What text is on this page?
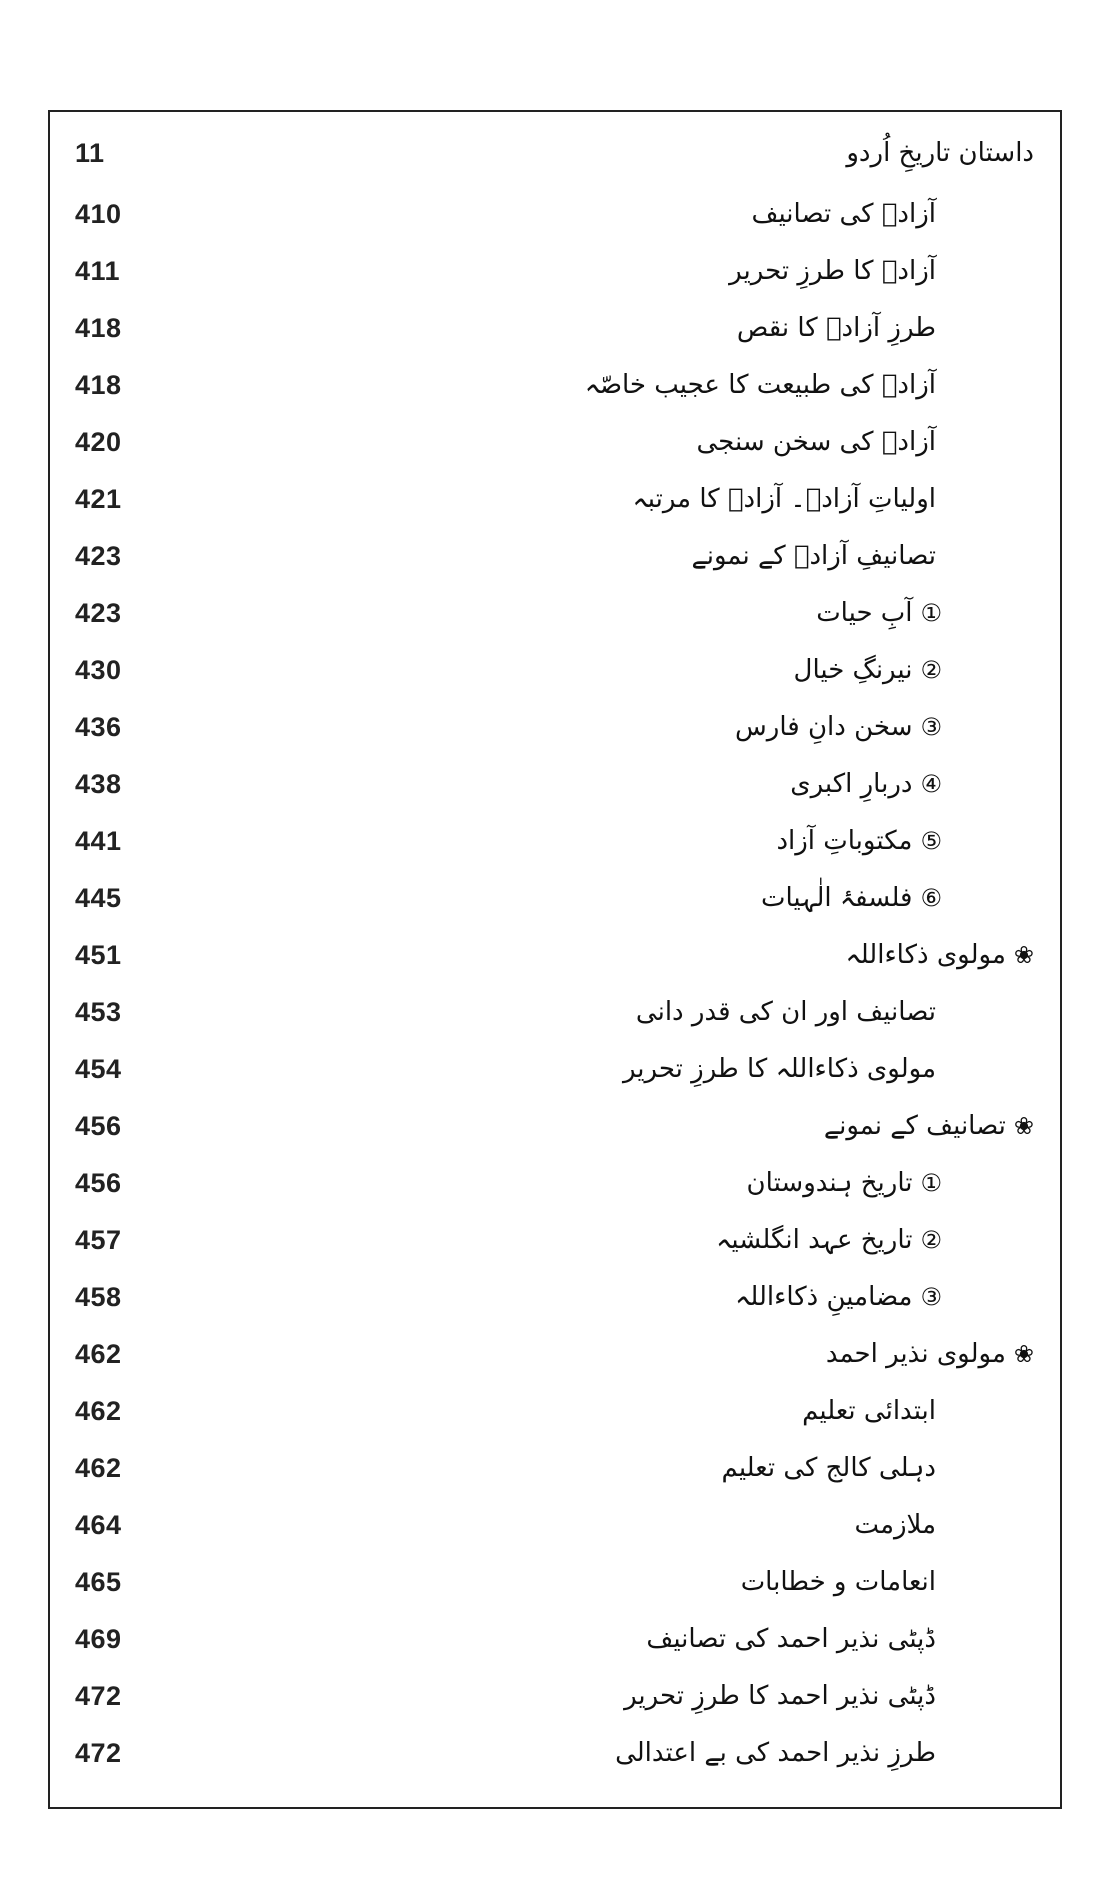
11	داستان تاریخِ اُردو
410	آزادؔ کی تصانیف
411	آزادؔ کا طرزِ تحریر
418	طرزِ آزادؔ کا نقص
418	آزادؔ کی طبیعت کا عجیب خاصّہ
420	آزادؔ کی سخن سنجی
421	اولیاتِ آزادؔ۔ آزادؔ کا مرتبہ
423	تصانیفِ آزادؔ کے نمونے
423	①آبِ حیات
430	②نیرنگِ خیال
436	③سخن دانِ فارس
438	④دربارِ اکبری
441	⑤مکتوباتِ آزاد
445	⑥فلسفۂ الٰہیات
451	❀مولوی ذکاءاللہ
453	تصانیف اور ان کی قدر دانی
454	مولوی ذکاءاللہ کا طرزِ تحریر
456	❀تصانیف کے نمونے
456	①تاریخ ہندوستان
457	②تاریخ عہد انگلشیہ
458	③مضامینِ ذکاءاللہ
462	❀مولوی نذیر احمد
462	ابتدائی تعلیم
462	دہلی کالج کی تعلیم
464	ملازمت
465	انعامات و خطابات
469	ڈپٹی نذیر احمد کی تصانیف
472	ڈپٹی نذیر احمد کا طرزِ تحریر
472	طرزِ نذیر احمد کی بے اعتدالی
